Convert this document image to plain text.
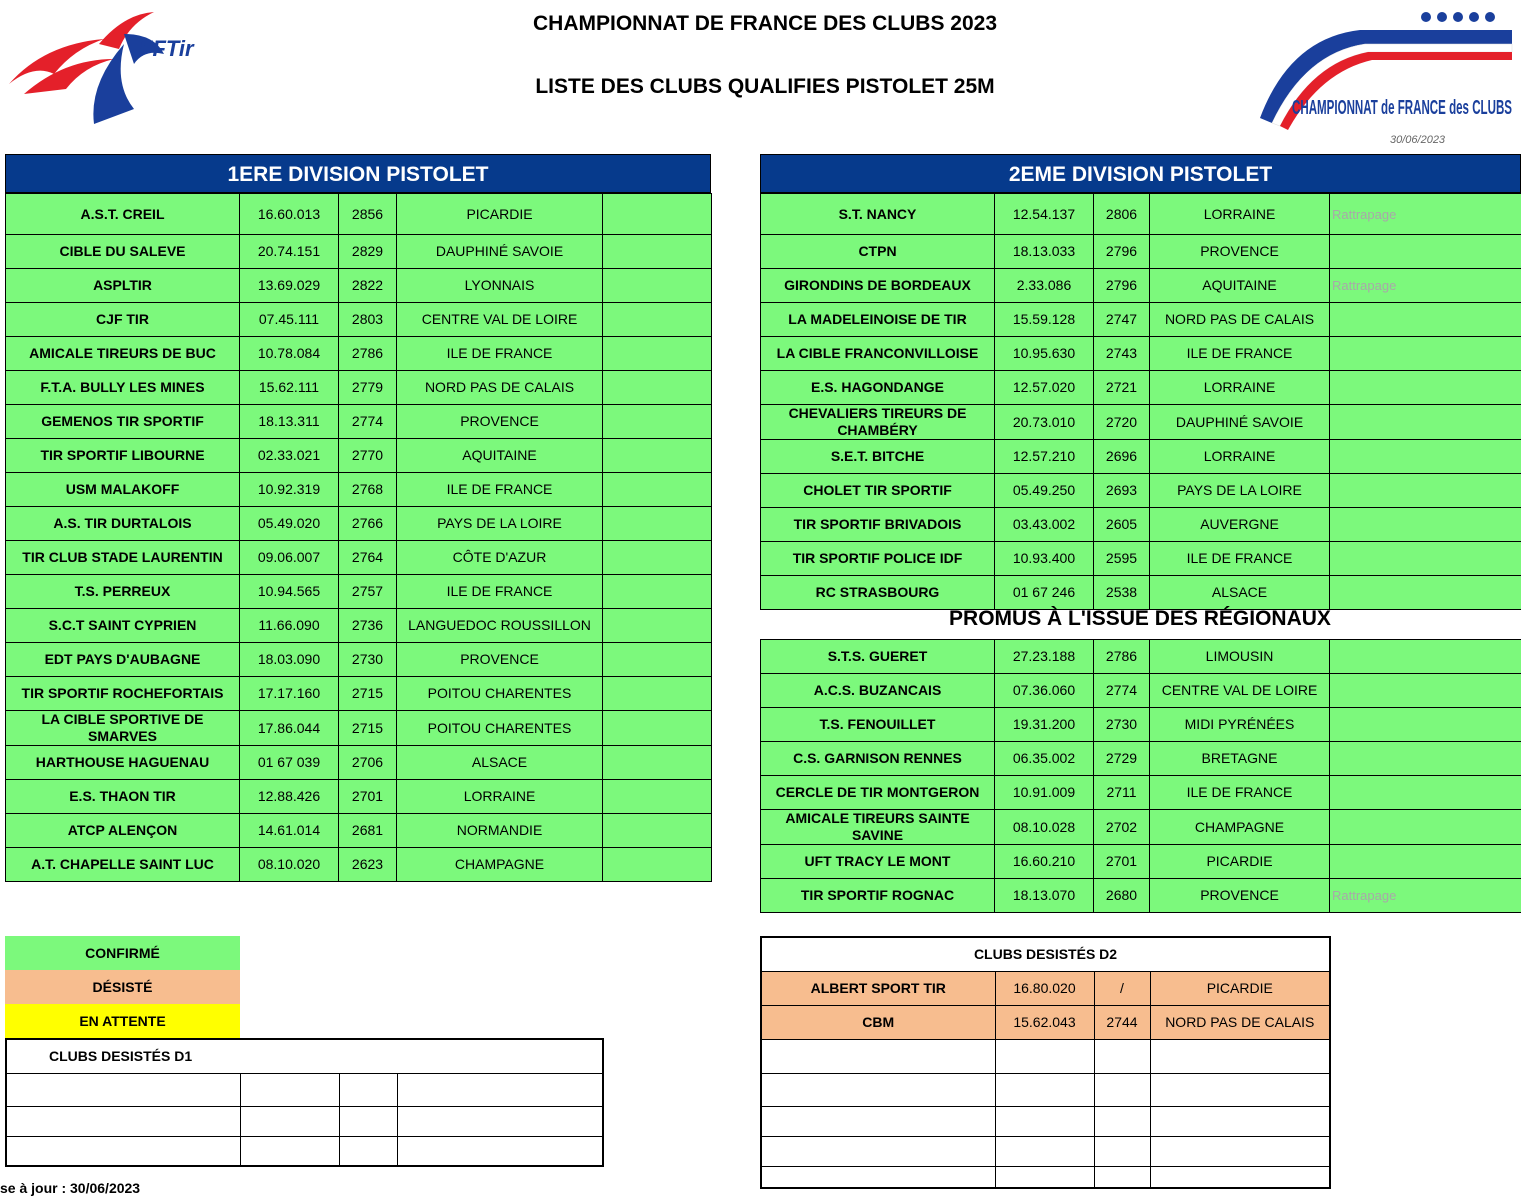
FFTir
CHAMPIONNAT DE FRANCE DES CLUBS 2023
LISTE DES CLUBS QUALIFIES PISTOLET 25M
CHAMPIONNAT de FRANCE des CLUBS
30/06/2023
1ERE DIVISION PISTOLET
A.S.T. CREIL	16.60.013	2856	PICARDIE	
CIBLE DU SALEVE	20.74.151	2829	DAUPHINÉ SAVOIE	
ASPLTIR	13.69.029	2822	LYONNAIS	
CJF TIR	07.45.111	2803	CENTRE VAL DE LOIRE	
AMICALE TIREURS DE BUC	10.78.084	2786	ILE DE FRANCE	
F.T.A. BULLY LES MINES	15.62.111	2779	NORD PAS DE CALAIS	
GEMENOS TIR SPORTIF	18.13.311	2774	PROVENCE	
TIR SPORTIF LIBOURNE	02.33.021	2770	AQUITAINE	
USM MALAKOFF	10.92.319	2768	ILE DE FRANCE	
A.S. TIR DURTALOIS	05.49.020	2766	PAYS DE LA LOIRE	
TIR CLUB STADE LAURENTIN	09.06.007	2764	CÔTE D'AZUR	
T.S. PERREUX	10.94.565	2757	ILE DE FRANCE	
S.C.T SAINT CYPRIEN	11.66.090	2736	LANGUEDOC ROUSSILLON	
EDT PAYS D'AUBAGNE	18.03.090	2730	PROVENCE	
TIR SPORTIF ROCHEFORTAIS	17.17.160	2715	POITOU CHARENTES	
LA CIBLE SPORTIVE DE SMARVES	17.86.044	2715	POITOU CHARENTES	
HARTHOUSE HAGUENAU	01 67 039	2706	ALSACE	
E.S. THAON TIR	12.88.426	2701	LORRAINE	
ATCP ALENÇON	14.61.014	2681	NORMANDIE	
A.T. CHAPELLE SAINT LUC	08.10.020	2623	CHAMPAGNE	
2EME DIVISION PISTOLET
S.T. NANCY	12.54.137	2806	LORRAINE	Rattrapage
CTPN	18.13.033	2796	PROVENCE	
GIRONDINS DE BORDEAUX	2.33.086	2796	AQUITAINE	Rattrapage
LA MADELEINOISE DE TIR	15.59.128	2747	NORD PAS DE CALAIS	
LA CIBLE FRANCONVILLOISE	10.95.630	2743	ILE DE FRANCE	
E.S. HAGONDANGE	12.57.020	2721	LORRAINE	
CHEVALIERS TIREURS DE CHAMBÉRY	20.73.010	2720	DAUPHINÉ SAVOIE	
S.E.T. BITCHE	12.57.210	2696	LORRAINE	
CHOLET TIR SPORTIF	05.49.250	2693	PAYS DE LA LOIRE	
TIR SPORTIF BRIVADOIS	03.43.002	2605	AUVERGNE	
TIR SPORTIF POLICE IDF	10.93.400	2595	ILE DE FRANCE	
RC STRASBOURG	01 67 246	2538	ALSACE	
PROMUS À L'ISSUE DES RÉGIONAUX
S.T.S. GUERET	27.23.188	2786	LIMOUSIN	
A.C.S. BUZANCAIS	07.36.060	2774	CENTRE VAL DE LOIRE	
T.S. FENOUILLET	19.31.200	2730	MIDI PYRÉNÉES	
C.S. GARNISON RENNES	06.35.002	2729	BRETAGNE	
CERCLE DE TIR MONTGERON	10.91.009	2711	ILE DE FRANCE	
AMICALE TIREURS SAINTE SAVINE	08.10.028	2702	CHAMPAGNE	
UFT TRACY LE MONT	16.60.210	2701	PICARDIE	
TIR SPORTIF ROGNAC	18.13.070	2680	PROVENCE	Rattrapage
CONFIRMÉ
DÉSISTÉ
EN ATTENTE
CLUBS DESISTÉS D1			

CLUBS DESISTÉS D2			
ALBERT SPORT TIR	16.80.020	/	PICARDIE
CBM	15.62.043	2744	NORD PAS DE CALAIS

se à jour : 30/06/2023
